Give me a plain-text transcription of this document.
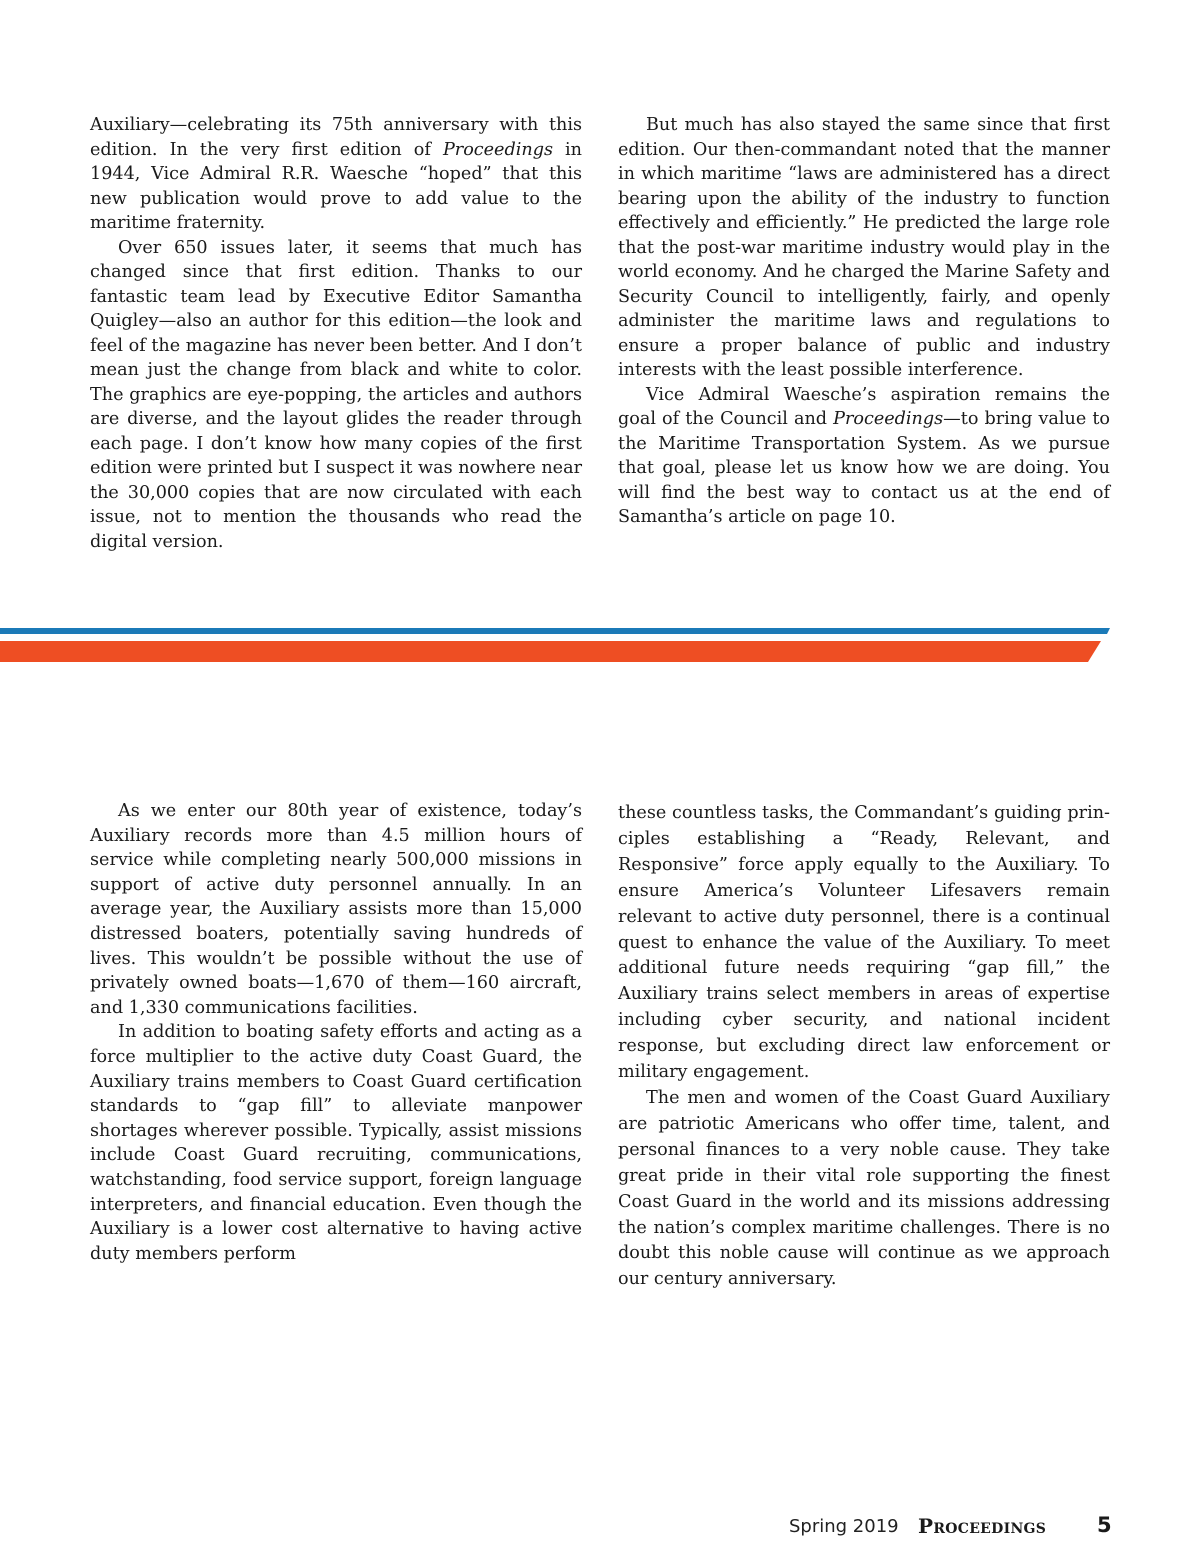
Auxiliary—celebrating its 75th anniversary with this edition. In the very first edition of Proceedings in 1944, Vice Admiral R.R. Waesche “hoped” that this new publication would prove to add value to the maritime fraternity.

Over 650 issues later, it seems that much has changed since that first edition. Thanks to our fantastic team lead by Executive Editor Samantha Quigley—also an author for this edition—the look and feel of the magazine has never been better. And I don’t mean just the change from black and white to color. The graphics are eye-popping, the articles and authors are diverse, and the layout glides the reader through each page. I don’t know how many copies of the first edition were printed but I suspect it was nowhere near the 30,000 copies that are now circulated with each issue, not to mention the thousands who read the digital version.

But much has also stayed the same since that first edition. Our then-commandant noted that the manner in which maritime “laws are administered has a direct bearing upon the ability of the industry to function effectively and efficiently.” He predicted the large role that the post-war maritime industry would play in the world economy. And he charged the Marine Safety and Security Council to intelligently, fairly, and openly administer the maritime laws and regulations to ensure a proper balance of public and industry interests with the least possible interference.

Vice Admiral Waesche’s aspiration remains the goal of the Council and Proceedings—to bring value to the Maritime Transportation System. As we pursue that goal, please let us know how we are doing. You will find the best way to contact us at the end of Samantha’s article on page 10.

As we enter our 80th year of existence, today’s Auxiliary records more than 4.5 million hours of service while completing nearly 500,000 missions in support of active duty personnel annually. In an average year, the Auxiliary assists more than 15,000 distressed boaters, potentially saving hundreds of lives. This wouldn’t be possible without the use of privately owned boats—1,670 of them—160 aircraft, and 1,330 communications facilities.

In addition to boating safety efforts and acting as a force multiplier to the active duty Coast Guard, the Auxiliary trains members to Coast Guard certification standards to “gap fill” to alleviate manpower shortages wherever possible. Typically, assist missions include Coast Guard recruiting, communications, watchstanding, food service support, foreign language interpreters, and financial education. Even though the Auxiliary is a lower cost alternative to having active duty members perform

these countless tasks, the Commandant’s guiding principles establishing a “Ready, Relevant, and Responsive” force apply equally to the Auxiliary. To ensure America’s Volunteer Lifesavers remain relevant to active duty personnel, there is a continual quest to enhance the value of the Auxiliary. To meet additional future needs requiring “gap fill,” the Auxiliary trains select members in areas of expertise including cyber security, and national incident response, but excluding direct law enforcement or military engagement.

The men and women of the Coast Guard Auxiliary are patriotic Americans who offer time, talent, and personal finances to a very noble cause. They take great pride in their vital role supporting the finest Coast Guard in the world and its missions addressing the nation’s complex maritime challenges. There is no doubt this noble cause will continue as we approach our century anniversary.

Spring 2019 Proceedings 5
